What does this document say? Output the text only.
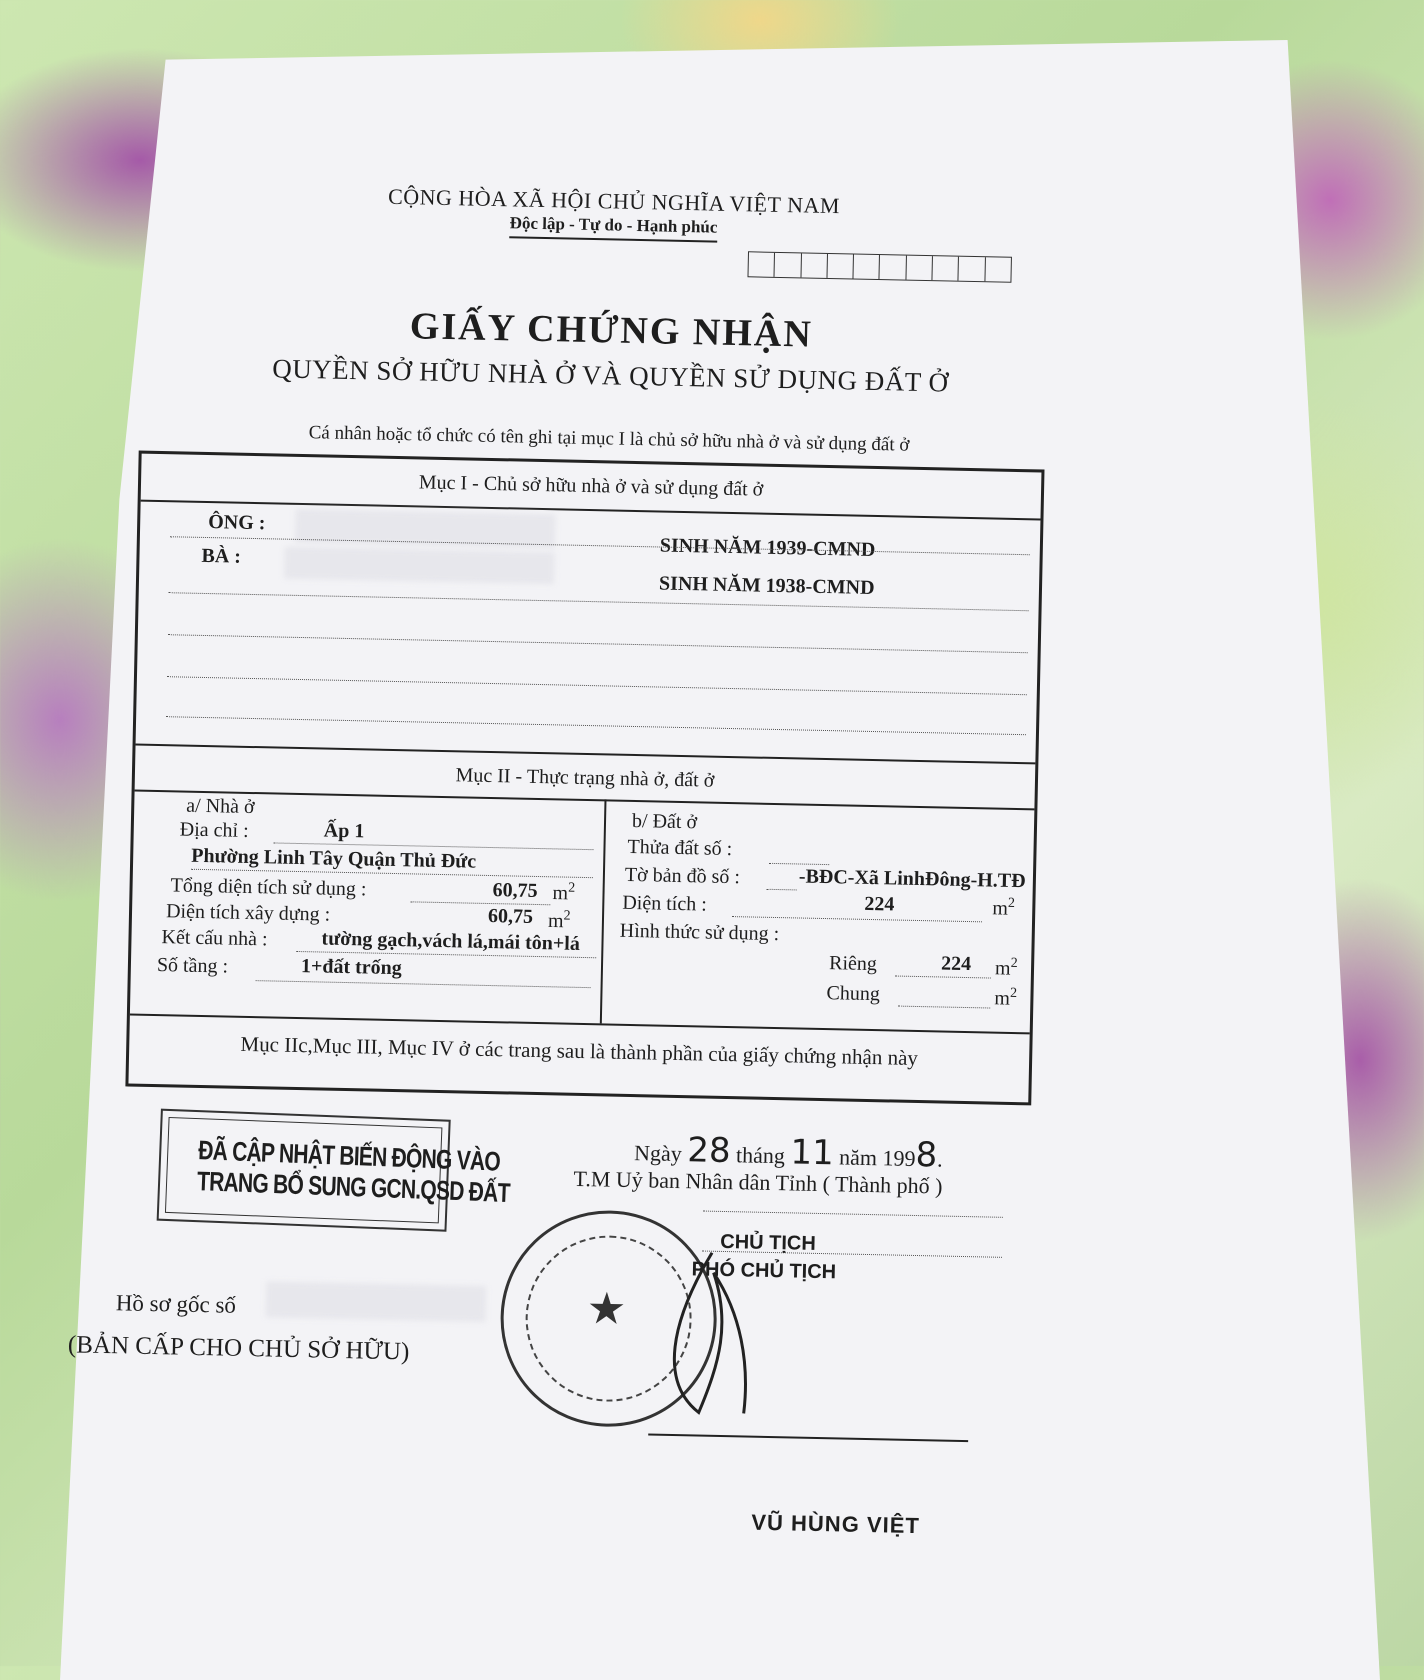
CỘNG HÒA XÃ HỘI CHỦ NGHĨA VIỆT NAM
Độc lập - Tự do - Hạnh phúc
GIẤY CHỨNG NHẬN
QUYỀN SỞ HỮU NHÀ Ở VÀ QUYỀN SỬ DỤNG ĐẤT Ở
Cá nhân hoặc tổ chức có tên ghi tại mục I là chủ sở hữu nhà ở và sử dụng đất ở
Mục I - Chủ sở hữu nhà ở và sử dụng đất ở
ÔNG :
SINH NĂM 1939-CMND
BÀ :
SINH NĂM 1938-CMND
Mục II - Thực trạng nhà ở, đất ở
a/ Nhà ở
Địa chỉ :	Ấp 1
Phường Linh Tây Quận Thủ Đức
Tổng diện tích sử dụng :	60,75 $m^2$
Diện tích xây dựng :	60,75 $m^2$
Kết cấu nhà :	tường gạch,vách lá,mái tôn+lá
Số tầng :	1+đất trống
b/ Đất ở
Thửa đất số :
Tờ bản đồ số :	-BĐC-Xã LinhĐông-H.TĐ
Diện tích :	224	$m^2$
Hình thức sử dụng :
Riêng	224 $m^2$
Chung	$m^2$
Mục IIc,Mục III, Mục IV ở các trang sau là thành phần của giấy chứng nhận này
ĐÃ CẬP NHẬT BIẾN ĐỘNG VÀO
TRANG BỔ SUNG GCN.QSD ĐẤT
Ngày 28 tháng 11 năm 1998.
T.M Uỷ ban Nhân dân Tỉnh ( Thành phố )
★
CHỦ TỊCH
PHÓ CHỦ TỊCH
VŨ HÙNG VIỆT
Hồ sơ gốc số
(BẢN CẤP CHO CHỦ SỞ HỮU)
